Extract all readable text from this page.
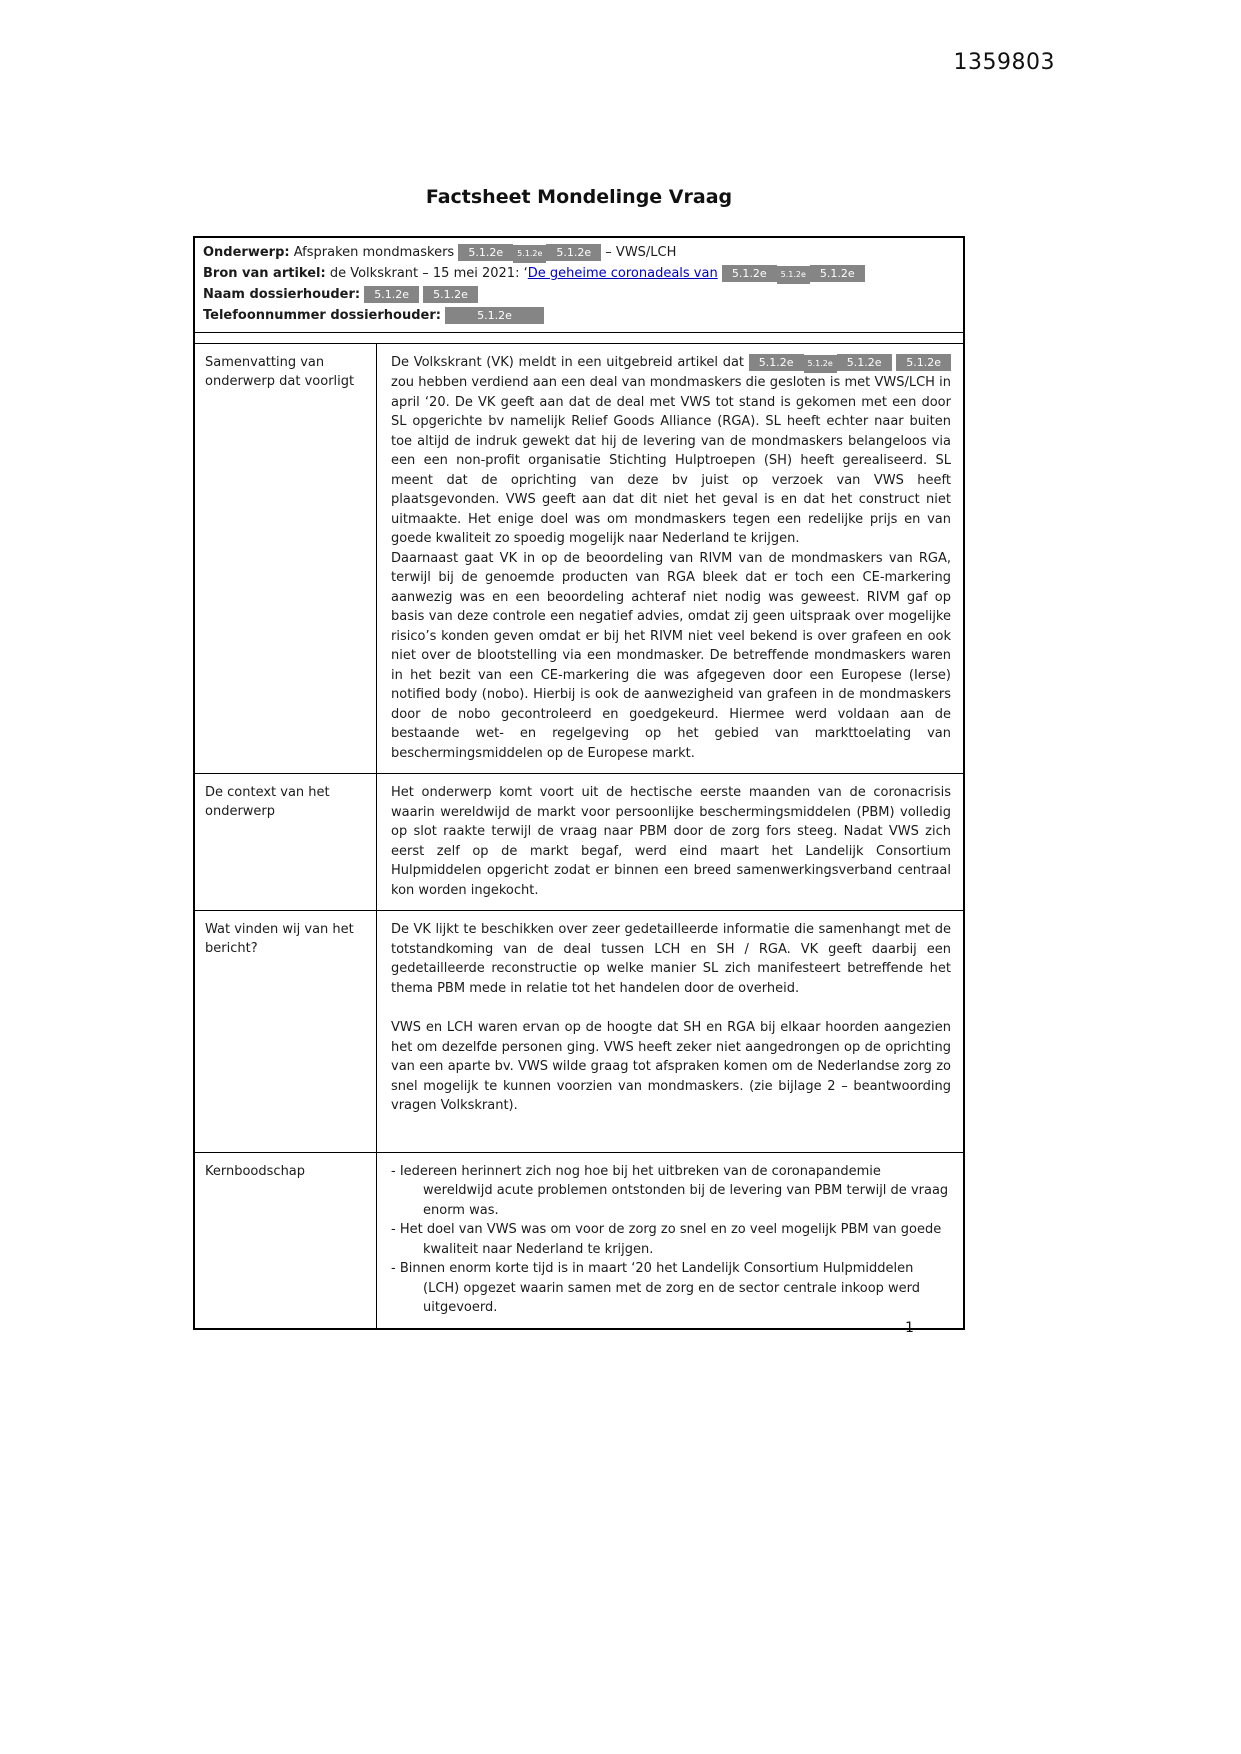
1359803
Factsheet Mondelinge Vraag
Onderwerp: Afspraken mondmaskers 5.1.2e 5.1.2e 5.1.2e – VWS/LCH
Bron van artikel: de Volkskrant – 15 mei 2021: ‘De geheime coronadeals van 5.1.2e 5.1.2e 5.1.2e
Naam dossierhouder: 5.1.2e 5.1.2e
Telefoonnummer dossierhouder:	5.1.2e
Samenvatting van onderwerp dat voorligt

De Volkskrant (VK) meldt in een uitgebreid artikel dat 5.1.2e 5.1.2e 5.1.2e 5.1.2e zou hebben verdiend aan een deal van mondmaskers die gesloten is met VWS/LCH in april ‘20. De VK geeft aan dat de deal met VWS tot stand is gekomen met een door SL opgerichte bv namelijk Relief Goods Alliance (RGA). SL heeft echter naar buiten toe altijd de indruk gewekt dat hij de levering van de mondmaskers belangeloos via een een non-profit organisatie Stichting Hulptroepen (SH) heeft gerealiseerd. SL meent dat de oprichting van deze bv juist op verzoek van VWS heeft plaatsgevonden. VWS geeft aan dat dit niet het geval is en dat het construct niet uitmaakte. Het enige doel was om mondmaskers tegen een redelijke prijs en van goede kwaliteit zo spoedig mogelijk naar Nederland te krijgen.

Daarnaast gaat VK in op de beoordeling van RIVM van de mondmaskers van RGA, terwijl bij de genoemde producten van RGA bleek dat er toch een CE-markering aanwezig was en een beoordeling achteraf niet nodig was geweest. RIVM gaf op basis van deze controle een negatief advies, omdat zij geen uitspraak over mogelijke risico’s konden geven omdat er bij het RIVM niet veel bekend is over grafeen en ook niet over de blootstelling via een mondmasker. De betreffende mondmaskers waren in het bezit van een CE-markering die was afgegeven door een Europese (Ierse) notified body (nobo). Hierbij is ook de aanwezigheid van grafeen in de mondmaskers door de nobo gecontroleerd en goedgekeurd. Hiermee werd voldaan aan de bestaande wet- en regelgeving op het gebied van markttoelating van beschermingsmiddelen op de Europese markt.

De context van het onderwerp

Het onderwerp komt voort uit de hectische eerste maanden van de coronacrisis waarin wereldwijd de markt voor persoonlijke beschermingsmiddelen (PBM) volledig op slot raakte terwijl de vraag naar PBM door de zorg fors steeg. Nadat VWS zich eerst zelf op de markt begaf, werd eind maart het Landelijk Consortium Hulpmiddelen opgericht zodat er binnen een breed samenwerkingsverband centraal kon worden ingekocht.

Wat vinden wij van het bericht?

De VK lijkt te beschikken over zeer gedetailleerde informatie die samenhangt met de totstandkoming van de deal tussen LCH en SH / RGA. VK geeft daarbij een gedetailleerde reconstructie op welke manier SL zich manifesteert betreffende het thema PBM mede in relatie tot het handelen door de overheid.

VWS en LCH waren ervan op de hoogte dat SH en RGA bij elkaar hoorden aangezien het om dezelfde personen ging. VWS heeft zeker niet aangedrongen op de oprichting van een aparte bv. VWS wilde graag tot afspraken komen om de Nederlandse zorg zo snel mogelijk te kunnen voorzien van mondmaskers. (zie bijlage 2 – beantwoording vragen Volkskrant).

Kernboodschap	- Iedereen herinnert zich nog hoe bij het uitbreken van de coronapandemie wereldwijd acute problemen ontstonden bij de levering van PBM terwijl de vraag enorm was.

- Het doel van VWS was om voor de zorg zo snel en zo veel mogelijk PBM van goede kwaliteit naar Nederland te krijgen.

- Binnen enorm korte tijd is in maart ‘20 het Landelijk Consortium Hulpmiddelen (LCH) opgezet waarin samen met de zorg en de sector centrale inkoop werd uitgevoerd.

1
